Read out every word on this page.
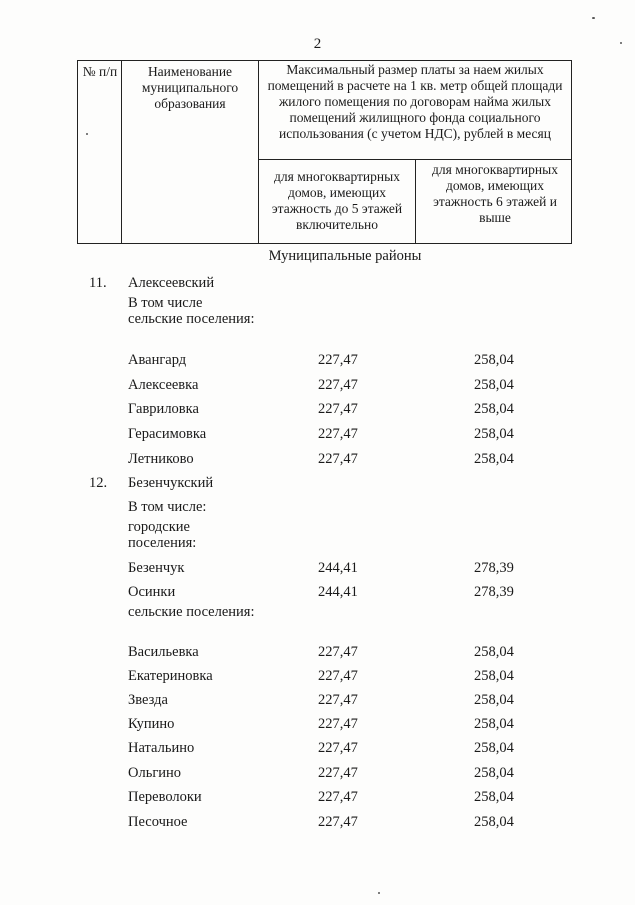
2
№ п/п	Наименование муниципального образования
Максимальный размер платы за наем жилых помещений в расчете на 1 кв. метр общей площади жилого помещения по договорам найма жилых помещений жилищного фонда социального использования (с учетом НДС), рублей в месяц
для многоквартирных домов, имеющих этажность до 5 этажей включительно
для многоквартирных домов, имеющих этажность 6 этажей и выше
Муниципальные районы
11. Алексеевский
В том числе сельские поселения:
Авангард	227,47	258,04
Алексеевка	227,47	258,04
Гавриловка	227,47	258,04
Герасимовка	227,47	258,04
Летниково	227,47	258,04
12. Безенчукский
В том числе:
городские поселения:
Безенчук	244,41	278,39
Осинки	244,41	278,39
сельские поселения:
Васильевка	227,47	258,04
Екатериновка	227,47	258,04
Звезда	227,47	258,04
Купино	227,47	258,04
Натальино	227,47	258,04
Ольгино	227,47	258,04
Переволоки	227,47	258,04
Песочное	227,47	258,04
